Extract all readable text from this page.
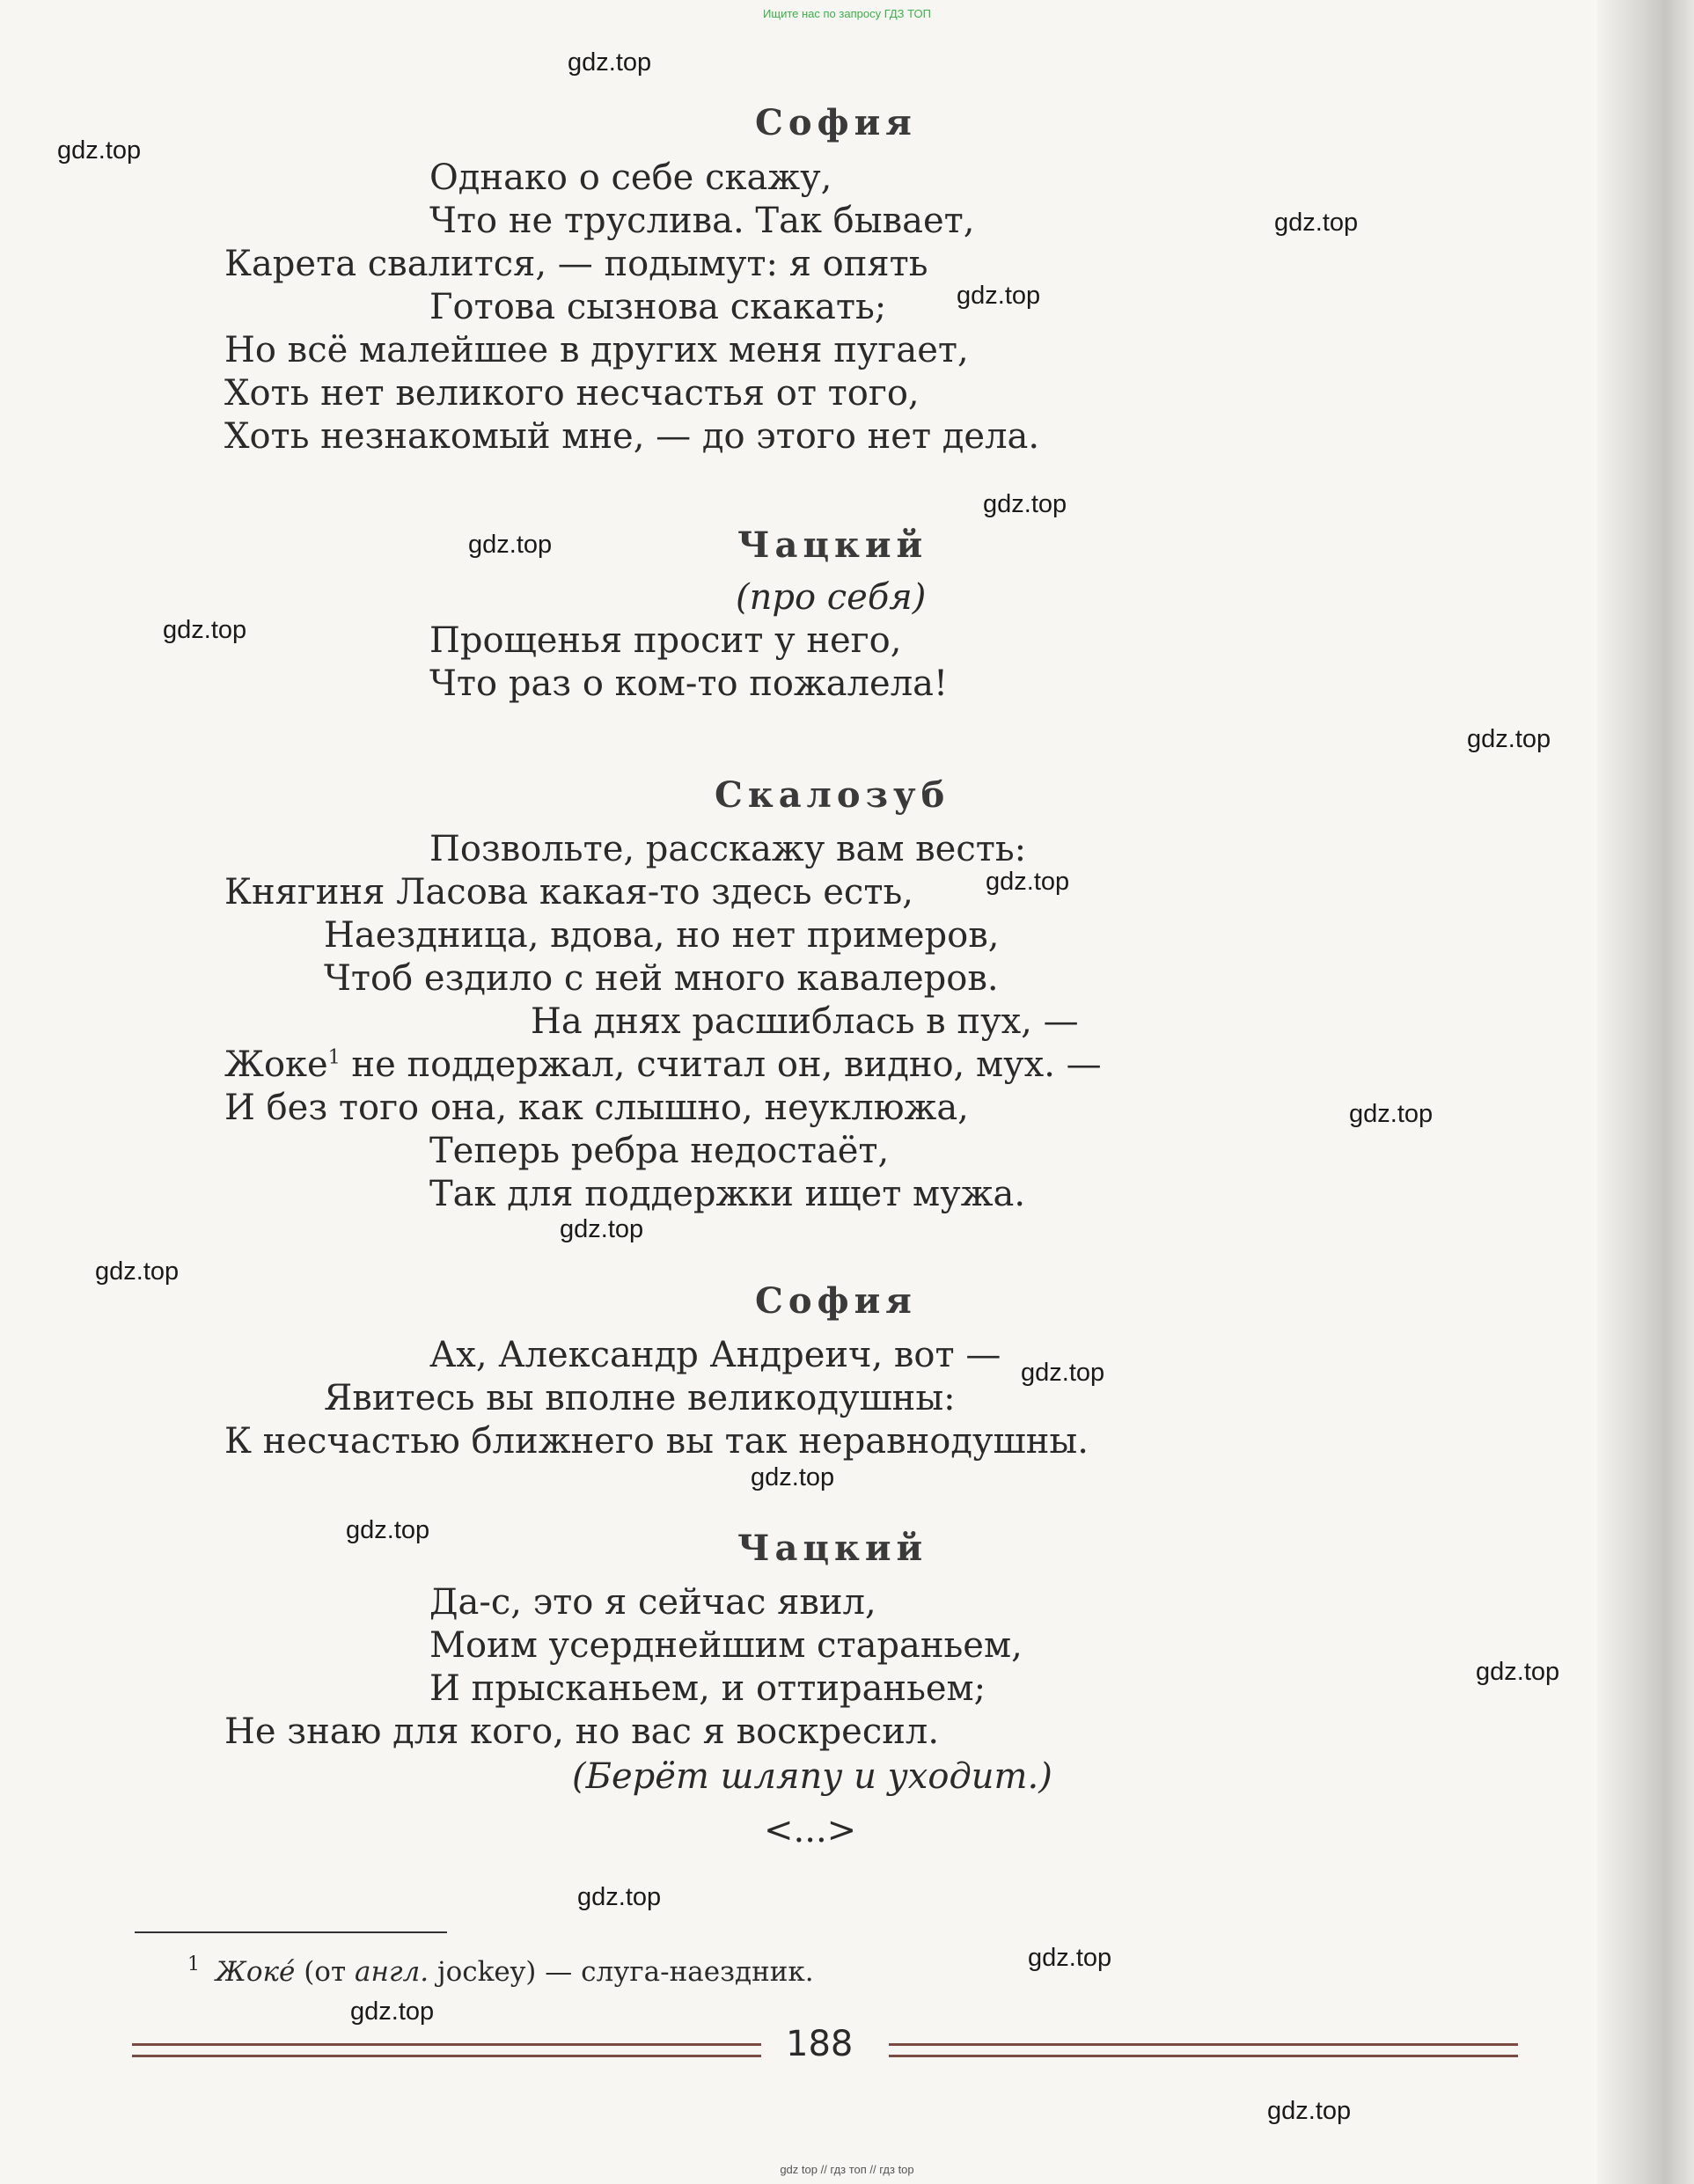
Ищите нас по запросу ГДЗ ТОП
София
Однако о себе скажу,
Что не труслива. Так бывает,
Карета свалится, — подымут: я опять
Готова сызнова скакать;
Но всё малейшее в других меня пугает,
Хоть нет великого несчастья от того,
Хоть незнакомый мне, — до этого нет дела.
Чацкий
(про себя)
Прощенья просит у него,
Что раз о ком-то пожалела!
Скалозуб
Позвольте, расскажу вам весть:
Княгиня Ласова какая-то здесь есть,
Наездница, вдова, но нет примеров,
Чтоб ездило с ней много кавалеров.
На днях расшиблась в пух, —
Жоке$^1$ не поддержал, считал он, видно, мух. —
И без того она, как слышно, неуклюжа,
Теперь ребра недостаёт,
Так для поддержки ищет мужа.
София
Ах, Александр Андреич, вот —
Явитесь вы вполне великодушны:
К несчастью ближнего вы так неравнодушны.
Чацкий
Да-с, это я сейчас явил,
Моим усерднейшим стараньем,
И прысканьем, и оттираньем;
Не знаю для кого, но вас я воскресил.
(Берёт шляпу и уходит.)
<...>
1 Жоке́ (от англ. jockey) — слуга-наездник.
188
gdz.top
gdz.top
gdz.top
gdz.top
gdz.top
gdz.top
gdz.top
gdz.top
gdz.top
gdz.top
gdz.top
gdz.top
gdz.top
gdz.top
gdz.top
gdz.top
gdz.top
gdz.top
gdz.top
gdz.top
gdz top // гдз топ // гдз top
